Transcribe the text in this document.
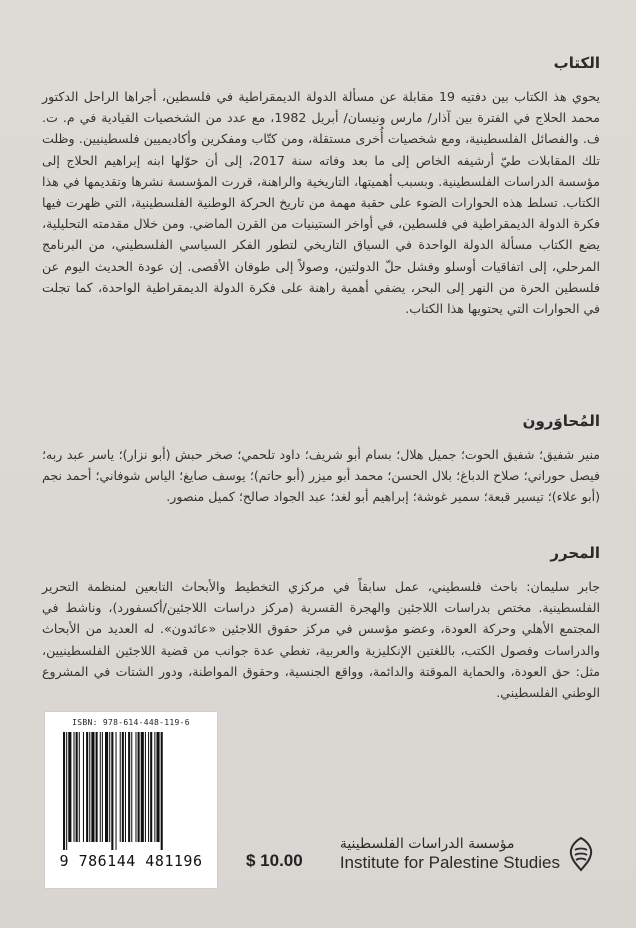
الكتاب

يحوي هذ الكتاب بين دفتيه 19 مقابلة عن مسألة الدولة الديمقراطية في فلسطين، أجراها الراحل الدكتور محمد الحلاج في الفترة بين آذار/ مارس ونيسان/ أبريل 1982، مع عدد من الشخصيات القيادية في م. ت. ف. والفصائل الفلسطينية، ومع شخصيات أُخرى مستقلة، ومن كتّاب ومفكرين وأكاديميين فلسطينيين. وظلت تلك المقابلات طيّ أرشيفه الخاص إلى ما بعد وفاته سنة 2017، إلى أن حوّلها ابنه إبراهيم الحلاج إلى مؤسسة الدراسات الفلسطينية. وبسبب أهميتها، التاريخية والراهنة، قررت المؤسسة نشرها وتقديمها في هذا الكتاب. تسلط هذه الحوارات الضوء على حقبة مهمة من تاريخ الحركة الوطنية الفلسطينية، التي ظهرت فيها فكرة الدولة الديمقراطية في فلسطين، في أواخر الستينيات من القرن الماضي. ومن خلال مقدمته التحليلية، يضع الكتاب مسألة الدولة الواحدة في السياق التاريخي لتطور الفكر السياسي الفلسطيني، من البرنامج المرحلي، إلى اتفاقيات أوسلو وفشل حلّ الدولتين، وصولاً إلى طوفان الأقصى. إن عودة الحديث اليوم عن فلسطين الحرة من النهر إلى البحر، يضفي أهمية راهنة على فكرة الدولة الديمقراطية الواحدة، كما تجلت في الحوارات التي يحتويها هذا الكتاب.

المُحاوَرون

منير شفيق؛ شفيق الحوت؛ جميل هلال؛ بسام أبو شريف؛ داود تلحمي؛ صخر حبش (أبو نزار)؛ ياسر عبد ربه؛ فيصل حوراني؛ صلاح الدباغ؛ بلال الحسن؛ محمد أبو ميزر (أبو حاتم)؛ يوسف صايغ؛ الياس شوفاني؛ أحمد نجم (أبو علاء)؛ تيسير قبعة؛ سمير غوشة؛ إبراهيم أبو لغد؛ عبد الجواد صالح؛ كميل منصور.

المحرر

جابر سليمان: باحث فلسطيني، عمل سابقاً في مركزي التخطيط والأبحاث التابعين لمنظمة التحرير الفلسطينية. مختص بدراسات اللاجئين والهجرة القسرية (مركز دراسات اللاجئين/أكسفورد)، وناشط في المجتمع الأهلي وحركة العودة، وعضو مؤسس في مركز حقوق اللاجئين «عائدون». له العديد من الأبحاث والدراسات وفصول الكتب، باللغتين الإنكليزية والعربية، تغطي عدة جوانب من قضية اللاجئين الفلسطينيين، مثل: حق العودة، والحماية الموقتة والدائمة، وواقع الجنسية، وحقوق المواطنة، ودور الشتات في المشروع الوطني الفلسطيني.

ISBN: 978-614-448-119-6
9 786144 481196	$ 10.00
مؤسسة الدراسات الفلسطينية
Institute for Palestine Studies
